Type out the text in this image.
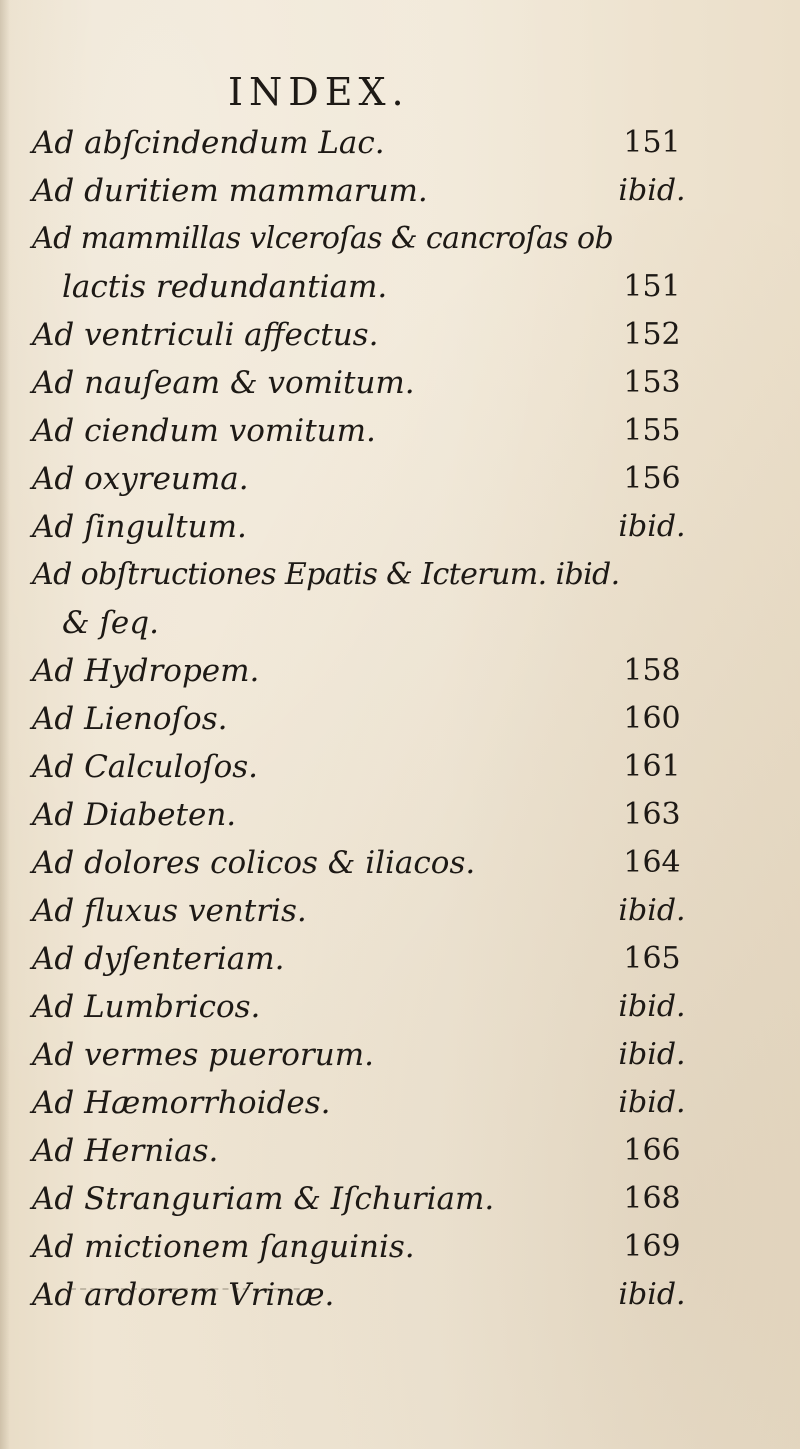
INDEX.
Ad abſcindendum Lac.	151
Ad duritiem mammarum.	ibid.
Ad mammillas vlceroſas & cancroſas ob
lactis redundantiam.	151
Ad ventriculi affectus.	152
Ad nauſeam & vomitum.	153
Ad ciendum vomitum.	155
Ad oxyreuma.	156
Ad ſingultum.	ibid.
Ad obſtructiones Epatis & Icterum. ibid.
& ſeq.
Ad Hydropem.	158
Ad Lienoſos.	160
Ad Calculoſos.	161
Ad Diabeten.	163
Ad dolores colicos & iliacos.	164
Ad fluxus ventris.	ibid.
Ad dyſenteriam.	165
Ad Lumbricos.	ibid.
Ad vermes puerorum.	ibid.
Ad Hæmorrhoides.	ibid.
Ad Hernias.	166
Ad Stranguriam & Iſchuriam.	168
Ad mictionem ſanguinis.	169
Ad ardorem Vrinæ.	ibid.
